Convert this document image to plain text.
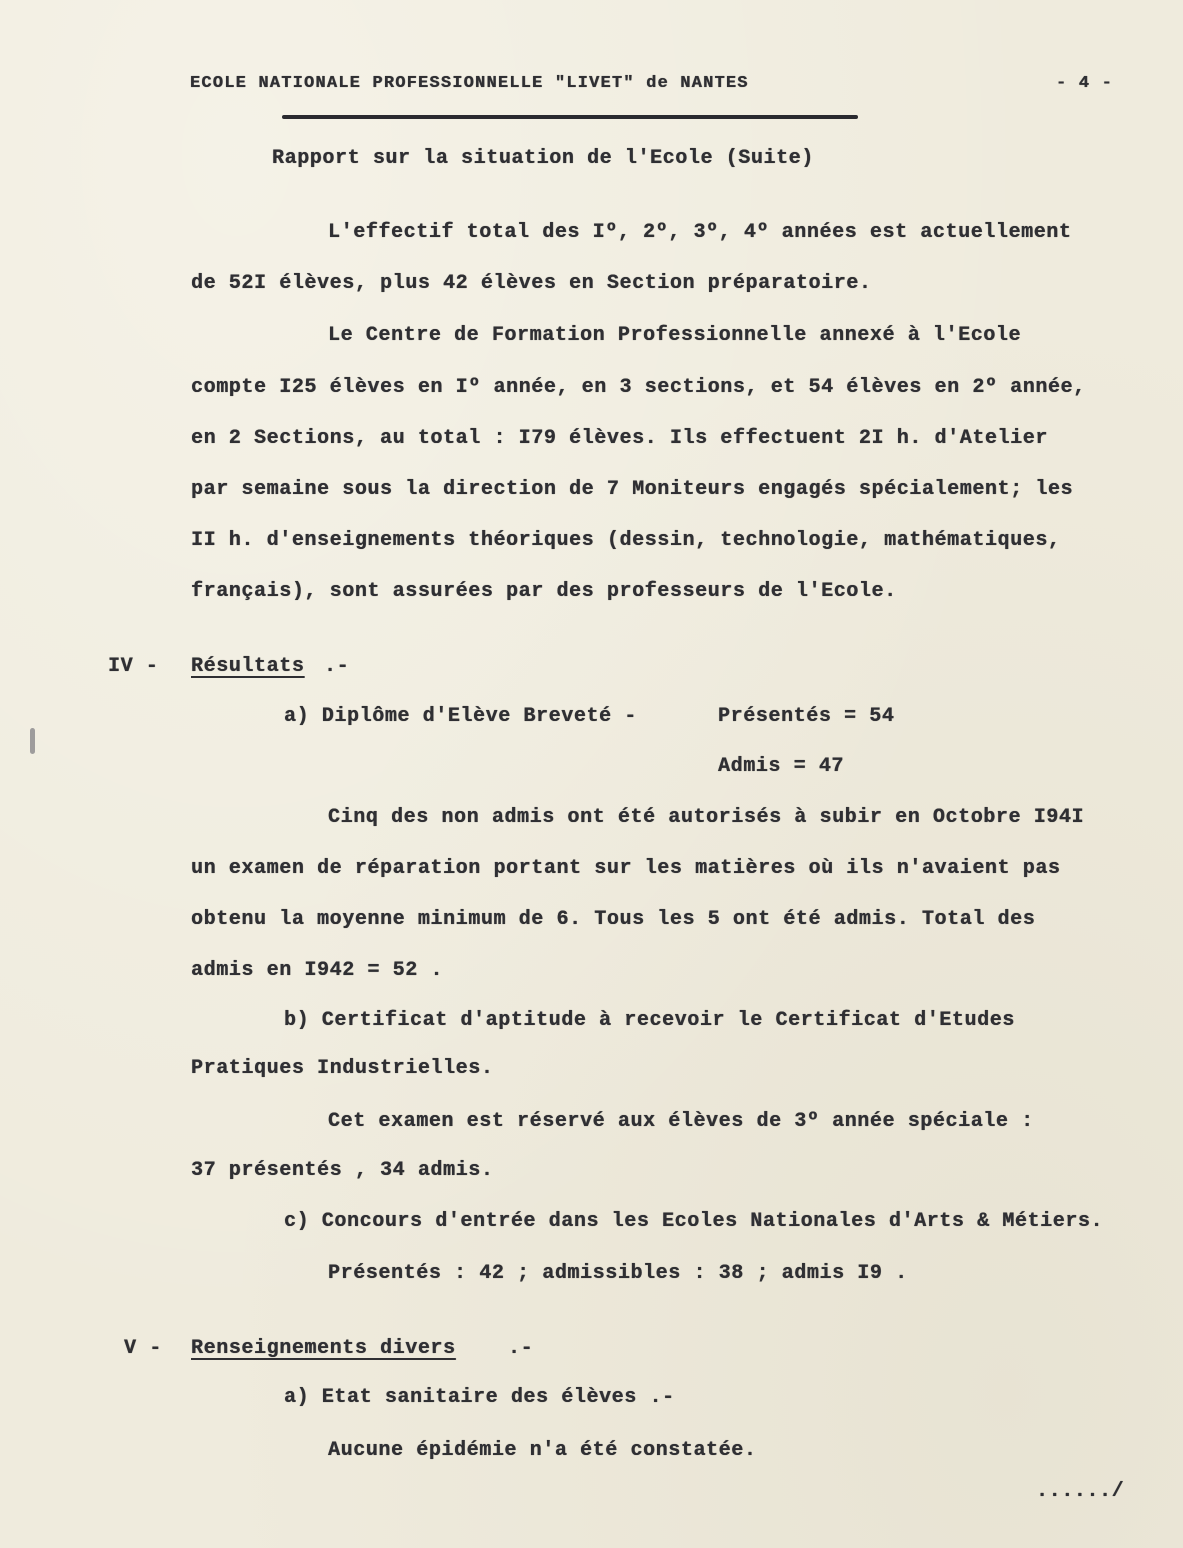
ECOLE NATIONALE PROFESSIONNELLE "LIVET" de NANTES	- 4 -
Rapport sur la situation de l'Ecole (Suite)
L'effectif total des Iº, 2º, 3º, 4º années est actuellement
de 52I élèves, plus 42 élèves en Section préparatoire.
Le Centre de Formation Professionnelle annexé à l'Ecole
compte I25 élèves en Iº année, en 3 sections, et 54 élèves en 2º année,
en 2 Sections, au total : I79 élèves. Ils effectuent 2I h. d'Atelier
par semaine sous la direction de 7 Moniteurs engagés spécialement; les
II h. d'enseignements théoriques (dessin, technologie, mathématiques,
français), sont assurées par des professeurs de l'Ecole.
IV - Résultats .-
a) Diplôme d'Elève Breveté -	Présentés = 54
Admis = 47
Cinq des non admis ont été autorisés à subir en Octobre I94I
un examen de réparation portant sur les matières où ils n'avaient pas
obtenu la moyenne minimum de 6. Tous les 5 ont été admis. Total des
admis en I942 = 52 .
b) Certificat d'aptitude à recevoir le Certificat d'Etudes
Pratiques Industrielles.
Cet examen est réservé aux élèves de 3º année spéciale :
37 présentés , 34 admis.
c) Concours d'entrée dans les Ecoles Nationales d'Arts & Métiers.
Présentés : 42 ; admissibles : 38 ; admis I9 .
V - Renseignements divers	.-
a) Etat sanitaire des élèves .-
Aucune épidémie n'a été constatée.
....../
